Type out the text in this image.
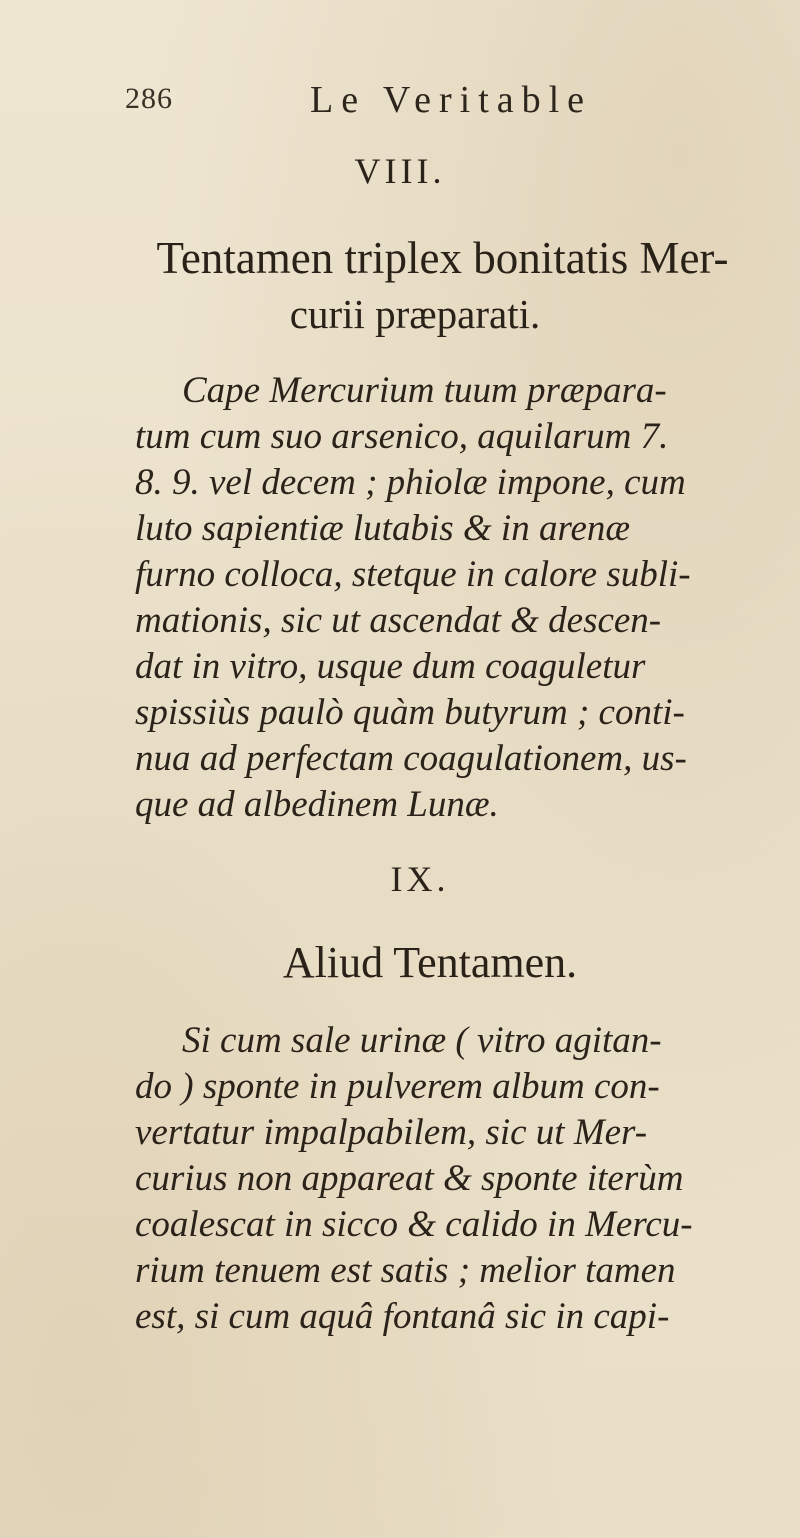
286	Le Veritable
VIII.
Tentamen triplex bonitatis Mer-
curii præparati.
Cape Mercurium tuum præpara-
tum cum suo arsenico, aquilarum 7.
8. 9. vel decem ; phiolæ impone, cum
luto sapientiæ lutabis & in arenæ
furno colloca, stetque in calore subli-
mationis, sic ut ascendat & descen-
dat in vitro, usque dum coaguletur
spissiùs paulò quàm butyrum ; conti-
nua ad perfectam coagulationem, us-
que ad albedinem Lunæ.
IX.
Aliud Tentamen.
Si cum sale urinæ ( vitro agitan-
do ) sponte in pulverem album con-
vertatur impalpabilem, sic ut Mer-
curius non appareat & sponte iterùm
coalescat in sicco & calido in Mercu-
rium tenuem est satis ; melior tamen
est, si cum aquâ fontanâ sic in capi-
